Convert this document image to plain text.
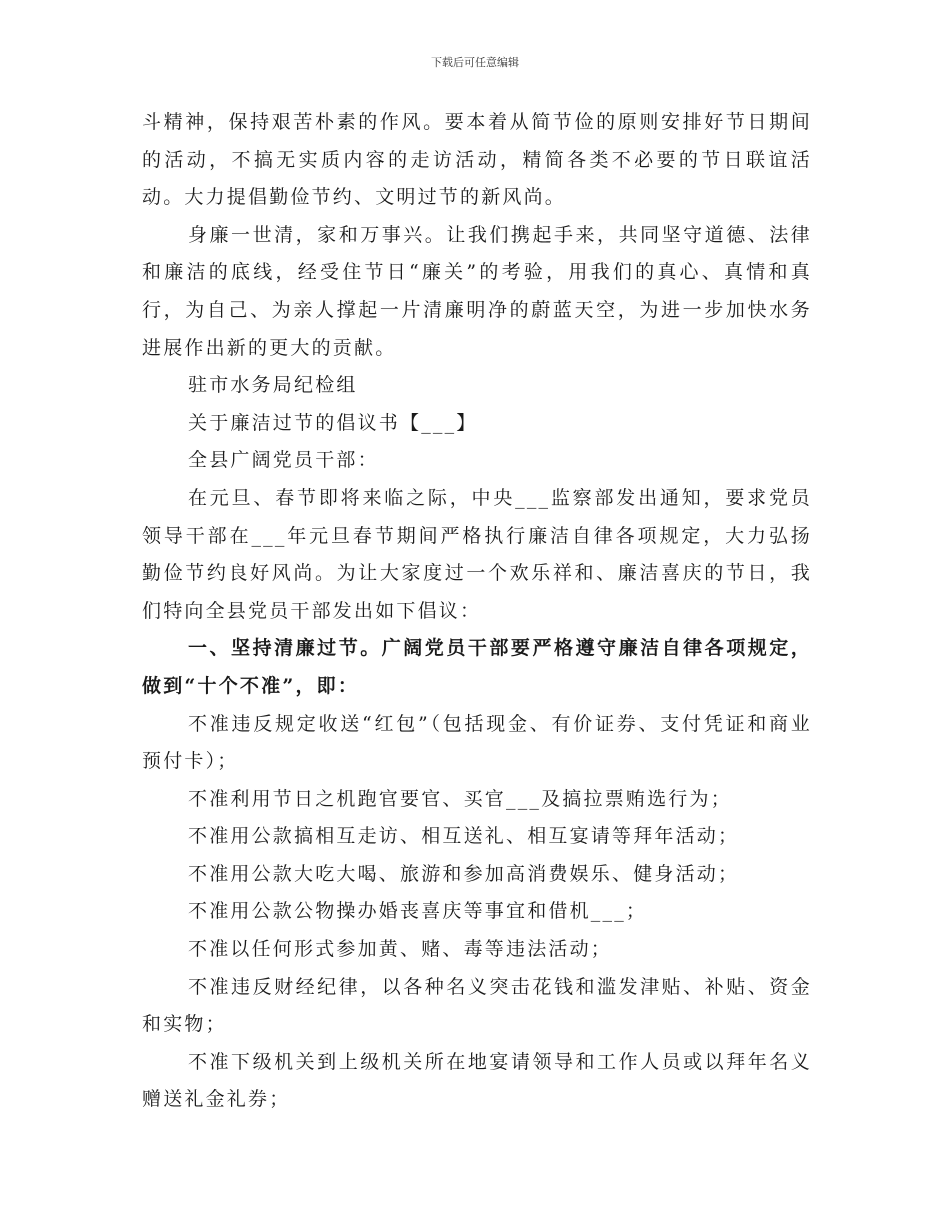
下载后可任意编辑

斗精神，保持艰苦朴素的作风。要本着从简节俭的原则安排好节日期间的活动，不搞无实质内容的走访活动，精简各类不必要的节日联谊活动。大力提倡勤俭节约、文明过节的新风尚。

身廉一世清，家和万事兴。让我们携起手来，共同坚守道德、法律和廉洁的底线，经受住节日“廉关”的考验，用我们的真心、真情和真行，为自己、为亲人撑起一片清廉明净的蔚蓝天空，为进一步加快水务进展作出新的更大的贡献。

驻市水务局纪检组

关于廉洁过节的倡议书【___】

全县广阔党员干部：

在元旦、春节即将来临之际，中央___监察部发出通知，要求党员领导干部在___年元旦春节期间严格执行廉洁自律各项规定，大力弘扬勤俭节约良好风尚。为让大家度过一个欢乐祥和、廉洁喜庆的节日，我们特向全县党员干部发出如下倡议：

一、坚持清廉过节。广阔党员干部要严格遵守廉洁自律各项规定，做到“十个不准”，即：

不准违反规定收送“红包”（包括现金、有价证券、支付凭证和商业预付卡）；

不准利用节日之机跑官要官、买官___及搞拉票贿选行为；

不准用公款搞相互走访、相互送礼、相互宴请等拜年活动；

不准用公款大吃大喝、旅游和参加高消费娱乐、健身活动；

不准用公款公物操办婚丧喜庆等事宜和借机___；

不准以任何形式参加黄、赌、毒等违法活动；

不准违反财经纪律，以各种名义突击花钱和滥发津贴、补贴、资金和实物；

不准下级机关到上级机关所在地宴请领导和工作人员或以拜年名义赠送礼金礼券；
